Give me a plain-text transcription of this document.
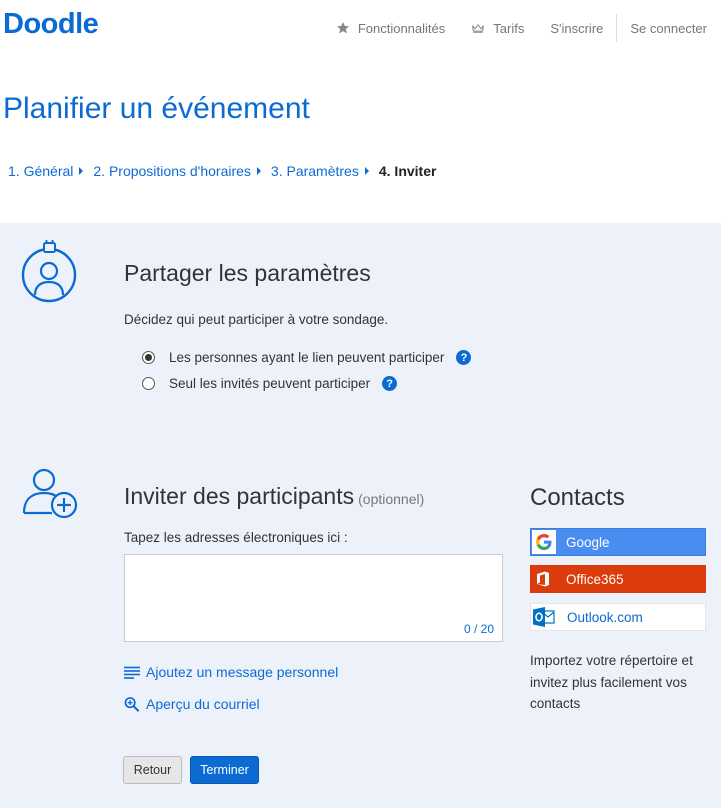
Doodle	Fonctionnalités	Tarifs S'inscrire Se connecter
Planifier un événement
1. Général 2. Propositions d'horaires 3. Paramètres 4. Inviter
Partager les paramètres

Décidez qui peut participer à votre sondage.

Les personnes ayant le lien peuvent participer	?
Seul les invités peuvent participer	?
Inviter des participants (optionnel)
Tapez les adresses électroniques ici :
0 / 20
Ajoutez un message personnel
Aperçu du courriel
Retour	Terminer
Contacts
Google
Office365
Outlook.com

Importez votre répertoire et invitez plus facilement vos contacts
